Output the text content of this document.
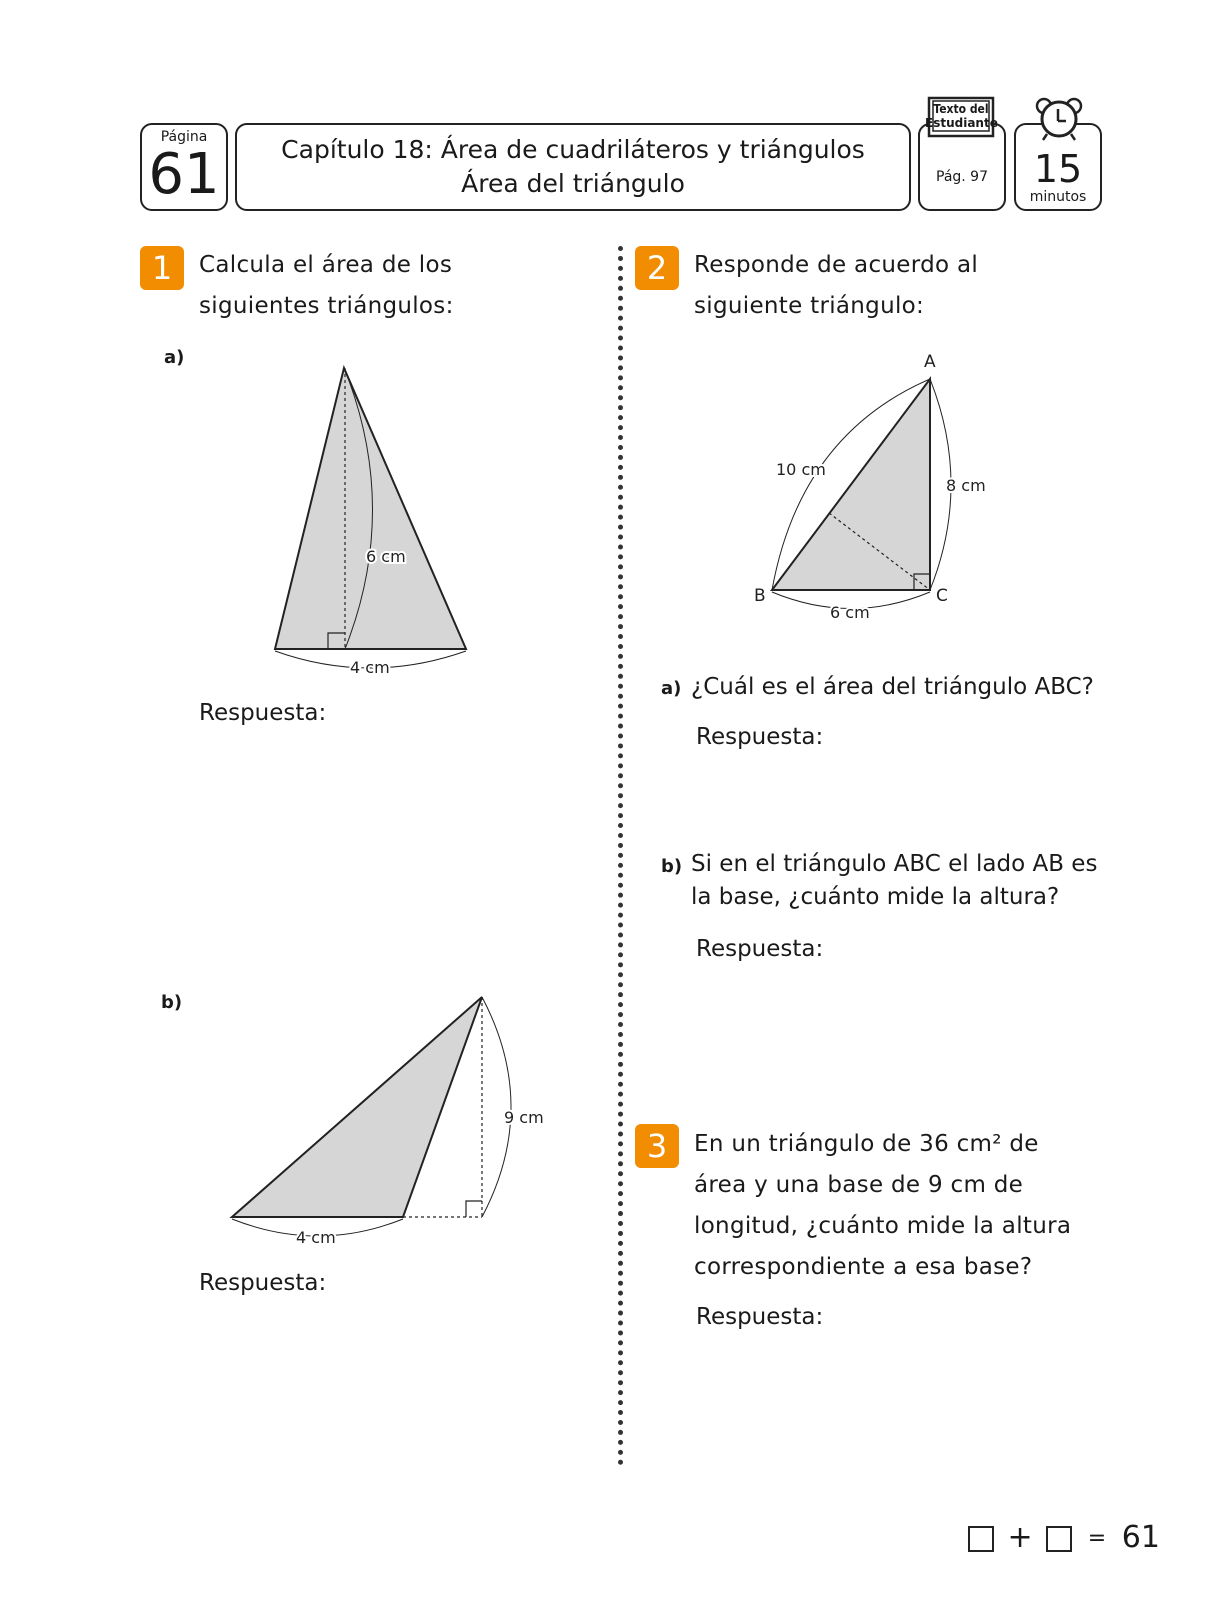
Página
61	Capítulo 18: Área de cuadriláteros y triángulos
Área del triángulo	Pág. 97
Texto del
Estudiante
15
minutos
1	Calcula el área de los
siguientes triángulos:
a)
6 cm
4 cm
Respuesta:
b)
9 cm
4 cm
Respuesta:
2	Responde de acuerdo al
siguiente triángulo:
A
B	C
10 cm
8 cm
6 cm
a) ¿Cuál es el área del triángulo ABC?
Respuesta:
b) Si en el triángulo ABC el lado AB es
la base, ¿cuánto mide la altura?
Respuesta:
3	En un triángulo de 36 cm² de
área y una base de 9 cm de
longitud, ¿cuánto mide la altura
correspondiente a esa base?
Respuesta:
+	= 61
